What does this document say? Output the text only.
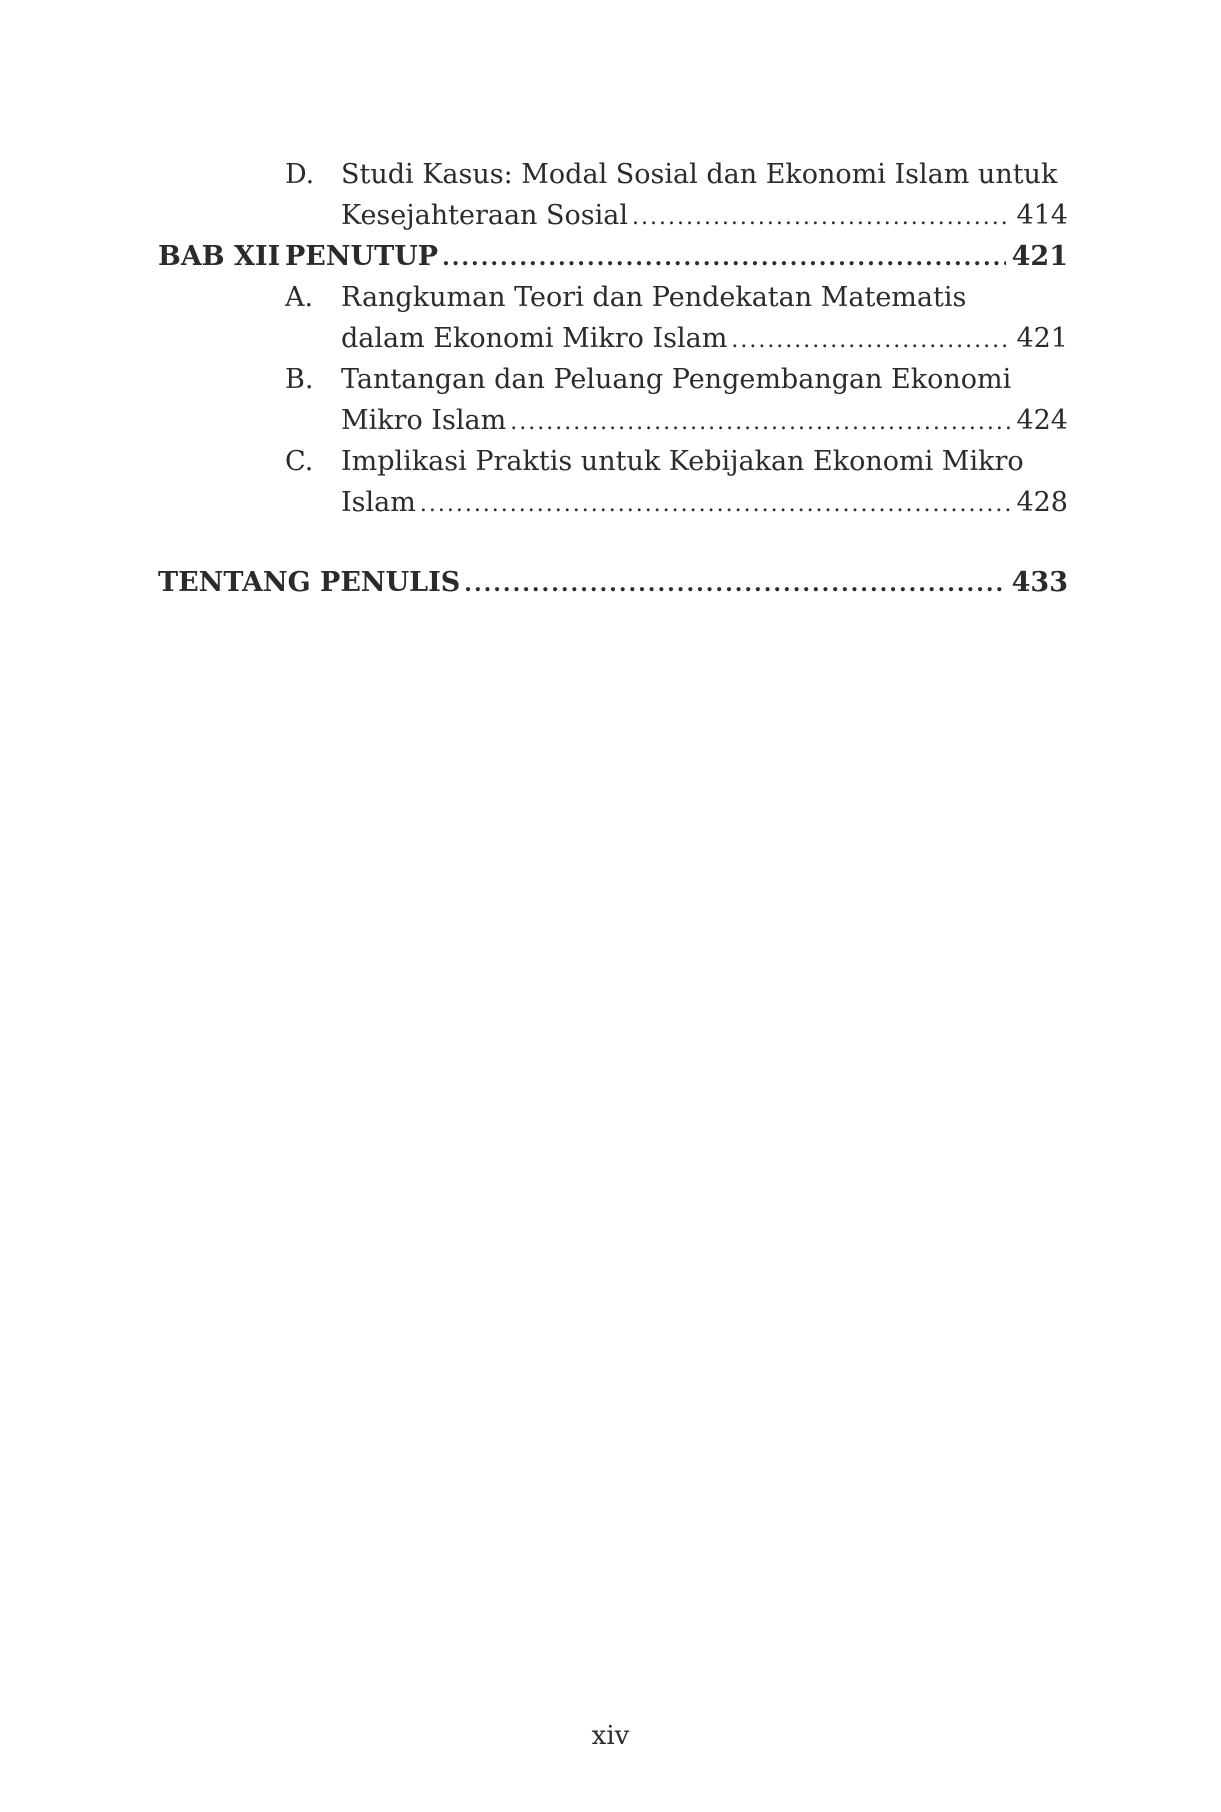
D. Studi Kasus: Modal Sosial dan Ekonomi Islam untuk
Kesejahteraan Sosial .....	414
BAB XII PENUTUP .....	421
A. Rangkuman Teori dan Pendekatan Matematis
dalam Ekonomi Mikro Islam .....	421
B. Tantangan dan Peluang Pengembangan Ekonomi
Mikro Islam .....	424
C. Implikasi Praktis untuk Kebijakan Ekonomi Mikro
Islam .....	428
TENTANG PENULIS .....	433
xiv
